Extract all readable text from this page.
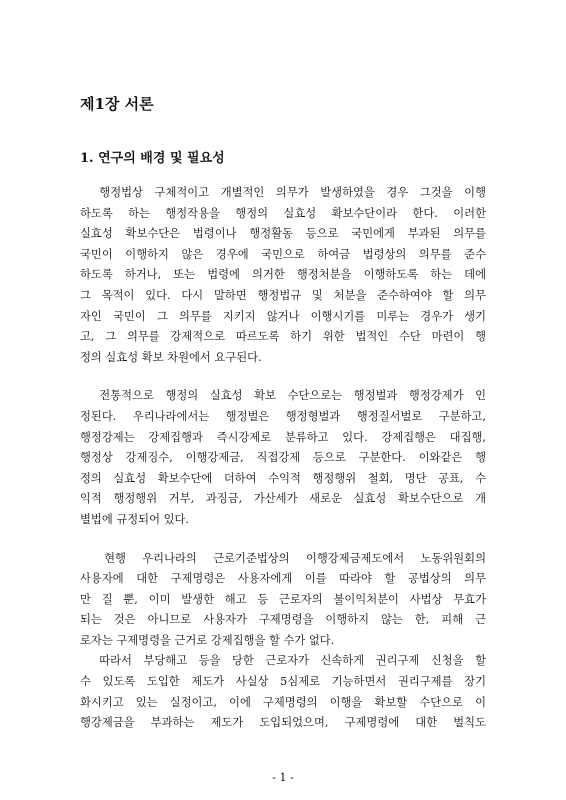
제1장 서론
1. 연구의 배경 및 필요성
　행정법상 구체적이고 개별적인 의무가 발생하였을 경우 그것을 이행
하도록 하는 행정작용을 행정의 실효성 확보수단이라 한다. 이러한
실효성 확보수단은 법령이나 행정활동 등으로 국민에게 부과된 의무를
국민이 이행하지 않은 경우에 국민으로 하여금 법령상의 의무를 준수
하도록 하거나, 또는 법령에 의거한 행정처분을 이행하도록 하는 데에
그 목적이 있다. 다시 말하면 행정법규 및 처분을 준수하여야 할 의무
자인 국민이 그 의무를 지키지 않거나 이행시기를 미루는 경우가 생기
고, 그 의무를 강제적으로 따르도록 하기 위한 법적인 수단 마련이 행
정의 실효성 확보 차원에서 요구된다.
　전통적으로 행정의 실효성 확보 수단으로는 행정벌과 행정강제가 인
정된다. 우리나라에서는 행정벌은 행정형벌과 행정질서벌로 구분하고,
행정강제는 강제집행과 즉시강제로 분류하고 있다. 강제집행은 대집행,
행정상 강제징수, 이행강제금, 직접강제 등으로 구분한다. 이와같은 행
정의 실효성 확보수단에 더하여 수익적 행정행위 철회, 명단 공표, 수
익적 행정행위 거부, 과징금, 가산세가 새로운 실효성 확보수단으로 개
별법에 규정되어 있다.
　현행 우리나라의 근로기준법상의 이행강제금제도에서 노동위원회의
사용자에 대한 구제명령은 사용자에게 이를 따라야 할 공법상의 의무
만 질 뿐, 이미 발생한 해고 등 근로자의 불이익처분이 사법상 무효가
되는 것은 아니므로 사용자가 구제명령을 이행하지 않는 한, 피해 근
로자는 구제명령을 근거로 강제집행을 할 수가 없다.
　따라서 부당해고 등을 당한 근로자가 신속하게 권리구제 신청을 할
수 있도록 도입한 제도가 사실상 5심제로 기능하면서 권리구제를 장기
화시키고 있는 실정이고, 이에 구제명령의 이행을 확보할 수단으로 이
행강제금을 부과하는 제도가 도입되었으며, 구제명령에 대한 벌칙도
- 1 -
